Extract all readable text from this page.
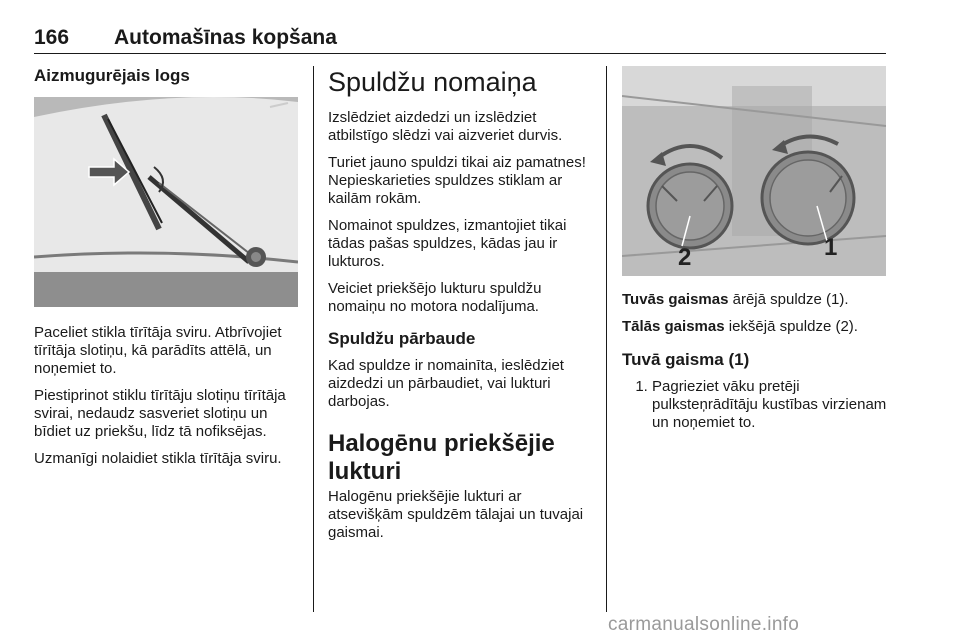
166 Automašīnas kopšana
Aizmugurējais logs

Paceliet stikla tīrītāja sviru. Atbrīvojiet tīrītāja slotiņu, kā parādīts attēlā, un noņemiet to.

Piestiprinot stiklu tīrītāju slotiņu tīrītāja svirai, nedaudz sasveriet slotiņu un bīdiet uz priekšu, līdz tā nofiksējas.

Uzmanīgi nolaidiet stikla tīrītāja sviru.

Spuldžu nomaiņa

Izslēdziet aizdedzi un izslēdziet atbilstīgo slēdzi vai aizveriet durvis.

Turiet jauno spuldzi tikai aiz pamatnes! Nepieskarieties spuldzes stiklam ar kailām rokām.

Nomainot spuldzes, izmantojiet tikai tādas pašas spuldzes, kādas jau ir lukturos.

Veiciet priekšējo lukturu spuldžu nomaiņu no motora nodalījuma.

Spuldžu pārbaude

Kad spuldze ir nomainīta, ieslēdziet aizdedzi un pārbaudiet, vai lukturi darbojas.

Halogēnu priekšējie lukturi

Halogēnu priekšējie lukturi ar atsevišķām spuldzēm tālajai un tuvajai gaismai.

2	1

Tuvās gaismas ārējā spuldze (1).

Tālās gaismas iekšējā spuldze (2).

Tuvā gaisma (1)
1. Pagrieziet vāku pretēji pulksteņrādītāju kustības virzienam un noņemiet to.
carmanualsonline.info
